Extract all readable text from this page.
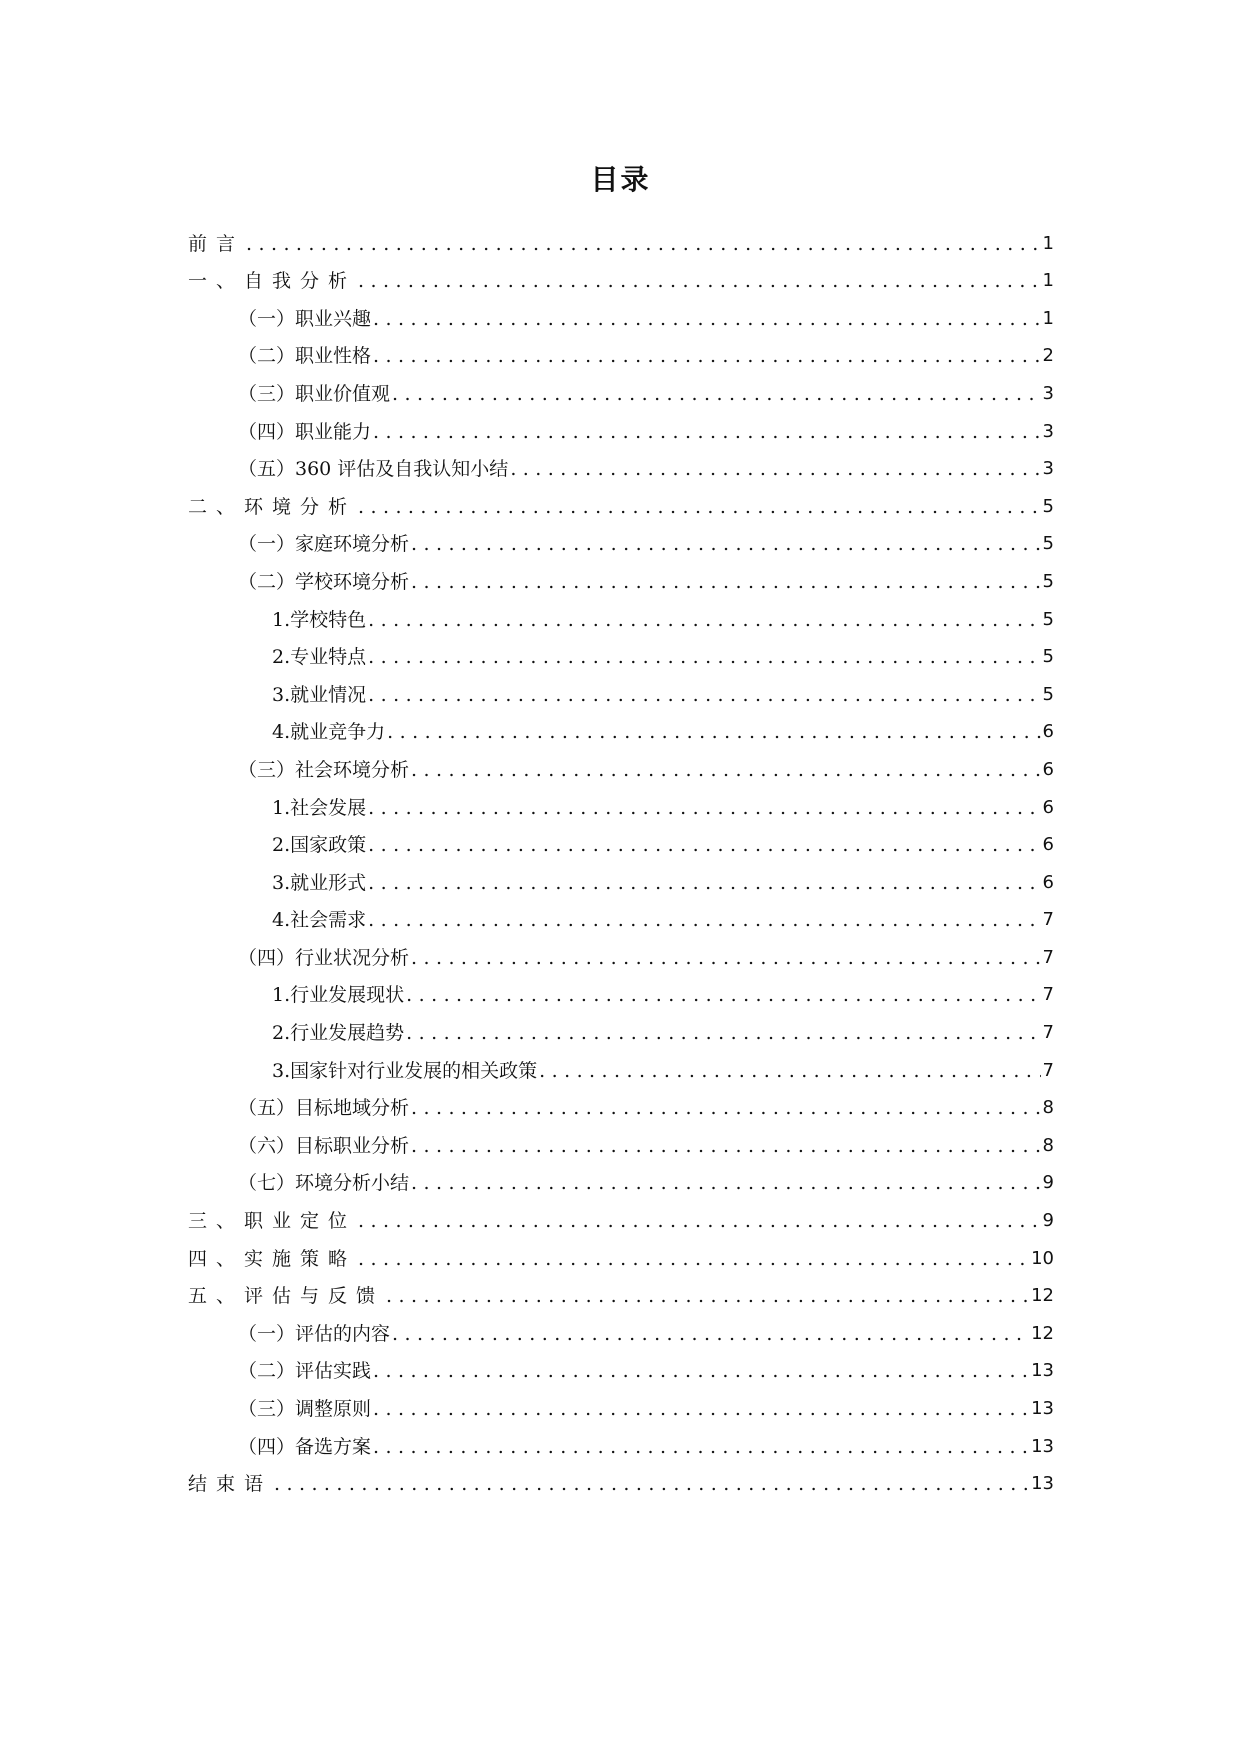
目录
前言 . . .	1
一、自我分析 . . .	1
（一）职业兴趣 . . .	1
（二）职业性格 . . .	2
（三）职业价值观 . . .	3
（四）职业能力 . . .	3
（五）360 评估及自我认知小结 . . .	3
二、环境分析 . . .	5
（一）家庭环境分析 . . .	5
（二）学校环境分析 . . .	5
1.学校特色 . . .	5
2.专业特点 . . .	5
3.就业情况 . . .	5
4.就业竞争力 . . .	6
（三）社会环境分析 . . .	6
1.社会发展 . . .	6
2.国家政策 . . .	6
3.就业形式 . . .	6
4.社会需求 . . .	7
（四）行业状况分析 . . .	7
1.行业发展现状 . . .	7
2.行业发展趋势 . . .	7
3.国家针对行业发展的相关政策 . . .	7
（五）目标地域分析 . . .	8
（六）目标职业分析 . . .	8
（七）环境分析小结 . . .	9
三、职业定位 . . .	9
四、实施策略 . . .	10
五、评估与反馈 . . .	12
（一）评估的内容 . . .	12
（二）评估实践 . . .	13
（三）调整原则 . . .	13
（四）备选方案 . . .	13
结束语 . . .	13
